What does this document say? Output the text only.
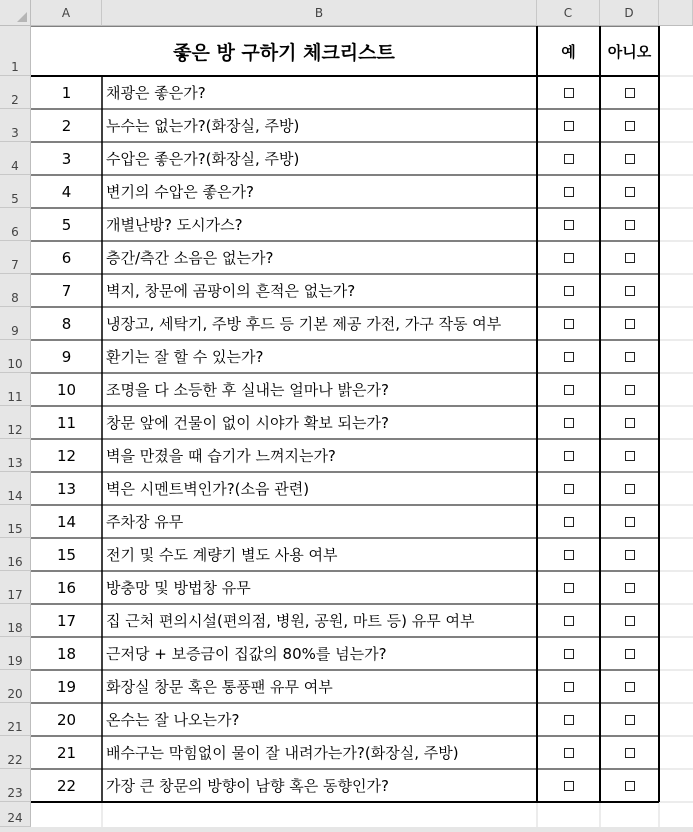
A	B	C	D
1
2
3
4
5
6
7
8
9
10
11
12
13
14
15
16
17
18
19
20
21
22
23
24
좋은 방 구하기 체크리스트	예	아니오
1	채광은 좋은가?
2	누수는 없는가?(화장실, 주방)
3	수압은 좋은가?(화장실, 주방)
4	변기의 수압은 좋은가?
5	개별난방? 도시가스?
6	층간/측간 소음은 없는가?
7	벽지, 창문에 곰팡이의 흔적은 없는가?
8	냉장고, 세탁기, 주방 후드 등 기본 제공 가전, 가구 작동 여부
9	환기는 잘 할 수 있는가?
10	조명을 다 소등한 후 실내는 얼마나 밝은가?
11	창문 앞에 건물이 없이 시야가 확보 되는가?
12	벽을 만졌을 때 습기가 느껴지는가?
13	벽은 시멘트벽인가?(소음 관련)
14	주차장 유무
15	전기 및 수도 계량기 별도 사용 여부
16	방충망 및 방법창 유무
17	집 근처 편의시설(편의점, 병원, 공원, 마트 등) 유무 여부
18	근저당 + 보증금이 집값의 80%를 넘는가?
19	화장실 창문 혹은 통풍팬 유무 여부
20	온수는 잘 나오는가?
21	배수구는 막힘없이 물이 잘 내려가는가?(화장실, 주방)
22	가장 큰 창문의 방향이 남향 혹은 동향인가?
